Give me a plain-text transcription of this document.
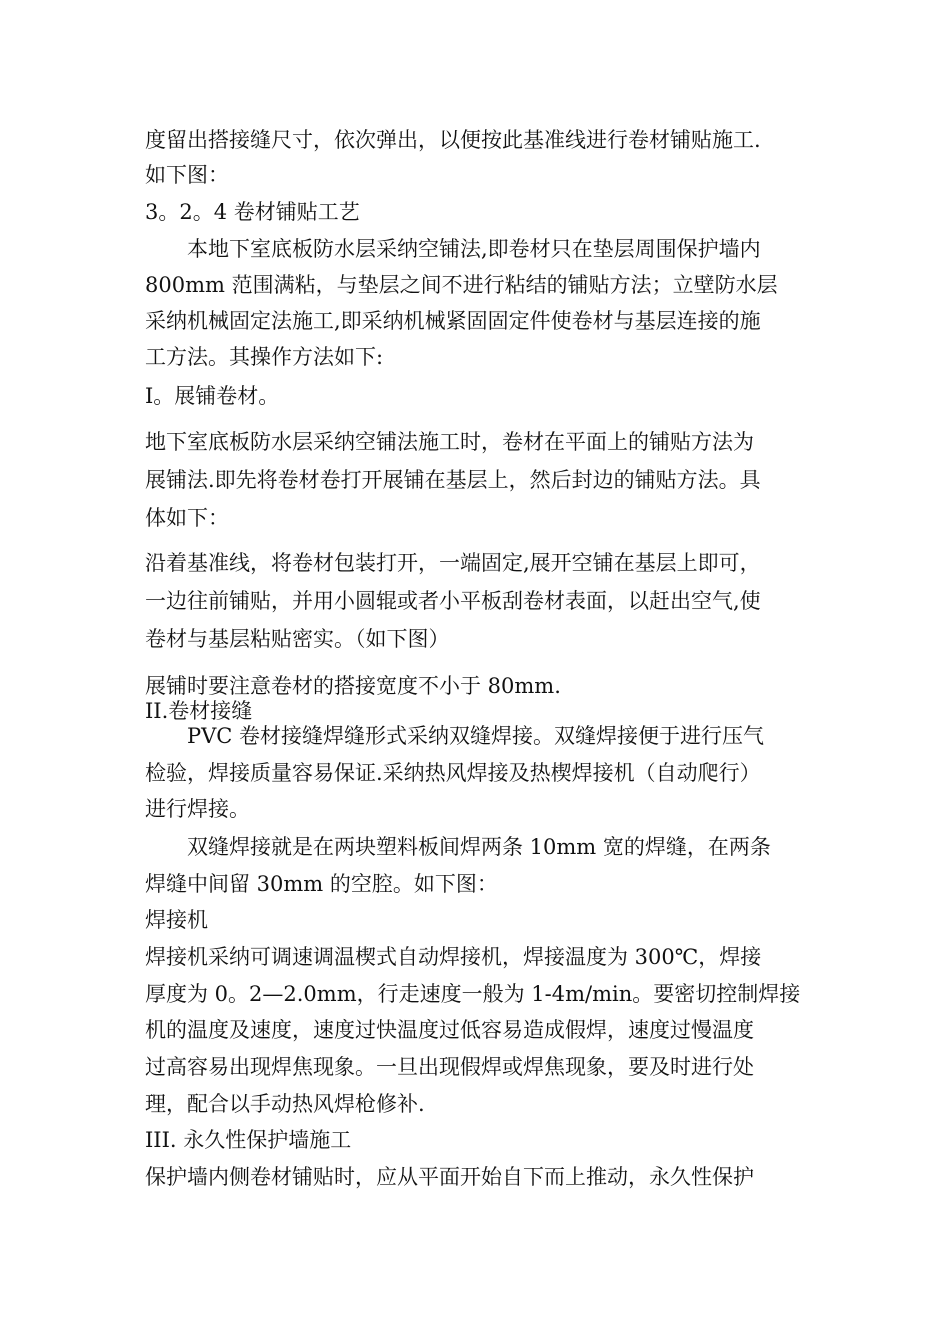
度留出搭接缝尺寸，依次弹出，以便按此基准线进行卷材铺贴施工.
如下图：
3。2。4 卷材铺贴工艺
本地下室底板防水层采纳空铺法,即卷材只在垫层周围保护墙内
800mm 范围满粘，与垫层之间不进行粘结的铺贴方法；立壁防水层
采纳机械固定法施工,即采纳机械紧固固定件使卷材与基层连接的施
工方法。其操作方法如下:
I。展铺卷材。
地下室底板防水层采纳空铺法施工时，卷材在平面上的铺贴方法为
展铺法.即先将卷材卷打开展铺在基层上，然后封边的铺贴方法。具
体如下：
沿着基准线，将卷材包装打开，一端固定,展开空铺在基层上即可，
一边往前铺贴，并用小圆辊或者小平板刮卷材表面，以赶出空气,使
卷材与基层粘贴密实。（如下图）
展铺时要注意卷材的搭接宽度不小于 80mm.
II.卷材接缝
PVC 卷材接缝焊缝形式采纳双缝焊接。双缝焊接便于进行压气
检验，焊接质量容易保证.采纳热风焊接及热楔焊接机（自动爬行）
进行焊接。
双缝焊接就是在两块塑料板间焊两条 10mm 宽的焊缝，在两条
焊缝中间留 30mm 的空腔。如下图：
焊接机
焊接机采纳可调速调温楔式自动焊接机，焊接温度为 300℃，焊接
厚度为 0。2—2.0mm，行走速度一般为 1-4m/min。要密切控制焊接
机的温度及速度，速度过快温度过低容易造成假焊，速度过慢温度
过高容易出现焊焦现象。一旦出现假焊或焊焦现象，要及时进行处
理，配合以手动热风焊枪修补.
III. 永久性保护墙施工
保护墙内侧卷材铺贴时，应从平面开始自下而上推动，永久性保护
